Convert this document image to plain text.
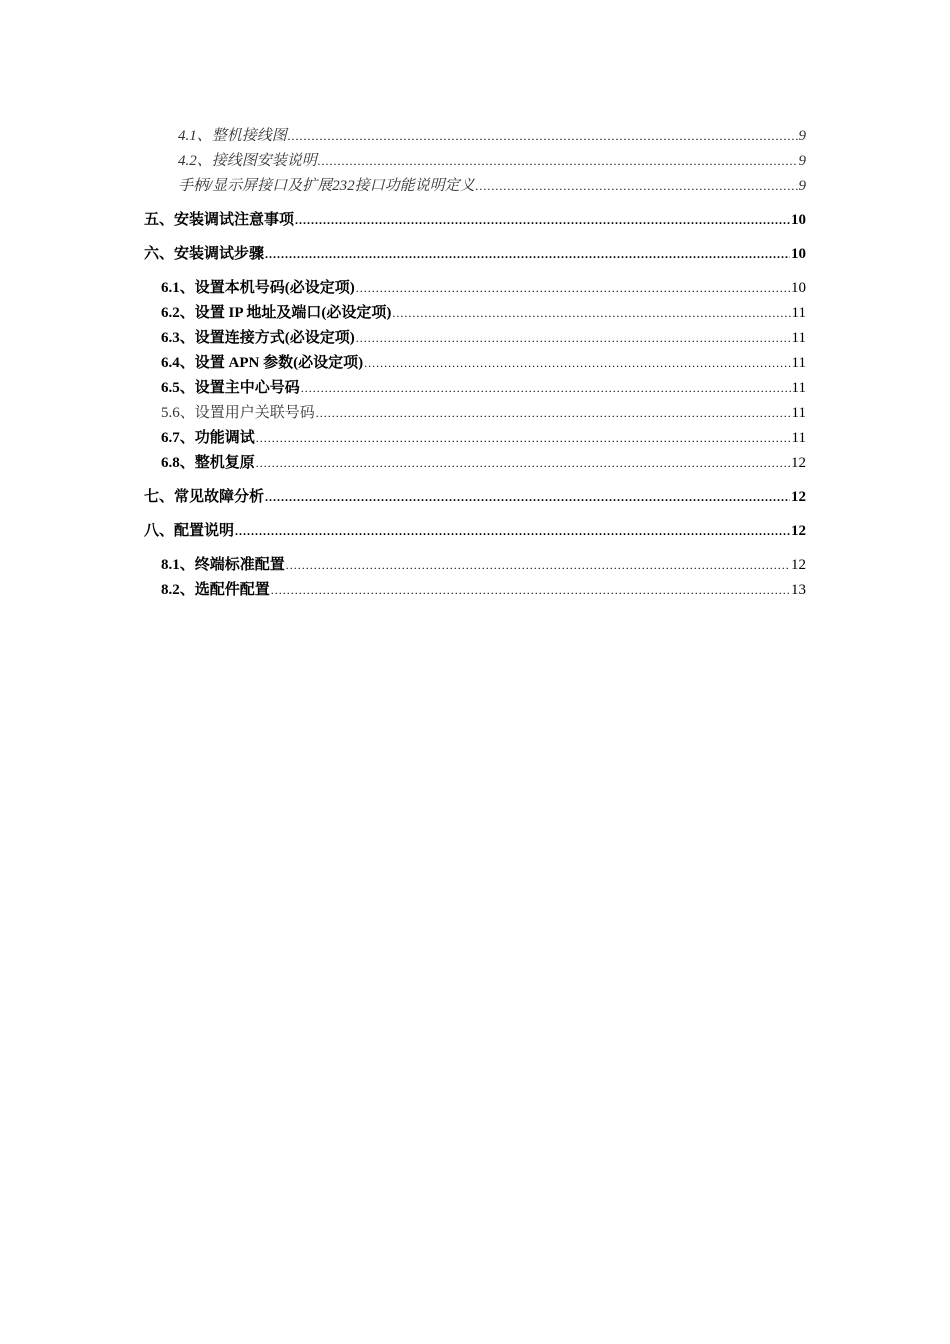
4.1、整机接线图 .....	9
4.2、接线图安装说明 .....	9
手柄/显示屏接口及扩展232接口功能说明定义 .....	9
五、安装调试注意事项 .....	10
六、安装调试步骤 .....	10
6.1、设置本机号码(必设定项) .....	10
6.2、设置 IP 地址及端口(必设定项) .....	11
6.3、设置连接方式(必设定项) .....	11
6.4、设置 APN 参数(必设定项) .....	11
6.5、设置主中心号码 .....	11
5.6、设置用户关联号码 .....	11
6.7、功能调试 .....	11
6.8、整机复原 .....	12
七、常见故障分析 .....	12
八、配置说明 .....	12
8.1、终端标准配置 .....	12
8.2、选配件配置 .....	13
